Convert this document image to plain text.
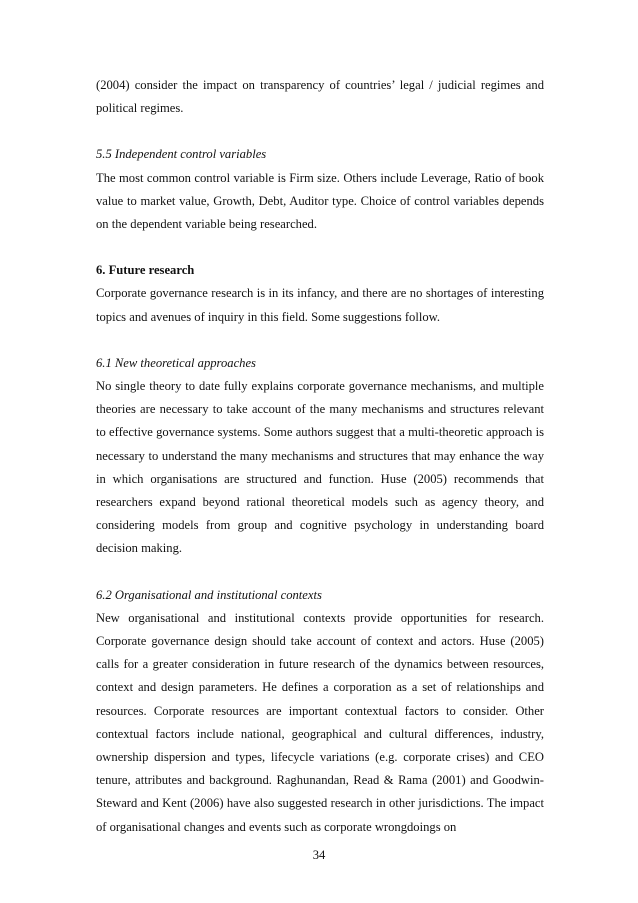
(2004) consider the impact on transparency of countries’ legal / judicial regimes and political regimes.

5.5 Independent control variables

The most common control variable is Firm size. Others include Leverage, Ratio of book value to market value, Growth, Debt, Auditor type. Choice of control variables depends on the dependent variable being researched.

6. Future research

Corporate governance research is in its infancy, and there are no shortages of interesting topics and avenues of inquiry in this field. Some suggestions follow.

6.1 New theoretical approaches

No single theory to date fully explains corporate governance mechanisms, and multiple theories are necessary to take account of the many mechanisms and structures relevant to effective governance systems. Some authors suggest that a multi-theoretic approach is necessary to understand the many mechanisms and structures that may enhance the way in which organisations are structured and function. Huse (2005) recommends that researchers expand beyond rational theoretical models such as agency theory, and considering models from group and cognitive psychology in understanding board decision making.

6.2 Organisational and institutional contexts

New organisational and institutional contexts provide opportunities for research. Corporate governance design should take account of context and actors. Huse (2005) calls for a greater consideration in future research of the dynamics between resources, context and design parameters. He defines a corporation as a set of relationships and resources. Corporate resources are important contextual factors to consider. Other contextual factors include national, geographical and cultural differences, industry, ownership dispersion and types, lifecycle variations (e.g. corporate crises) and CEO tenure, attributes and background. Raghunandan, Read & Rama (2001) and Goodwin-Steward and Kent (2006) have also suggested research in other jurisdictions. The impact of organisational changes and events such as corporate wrongdoings on

34
